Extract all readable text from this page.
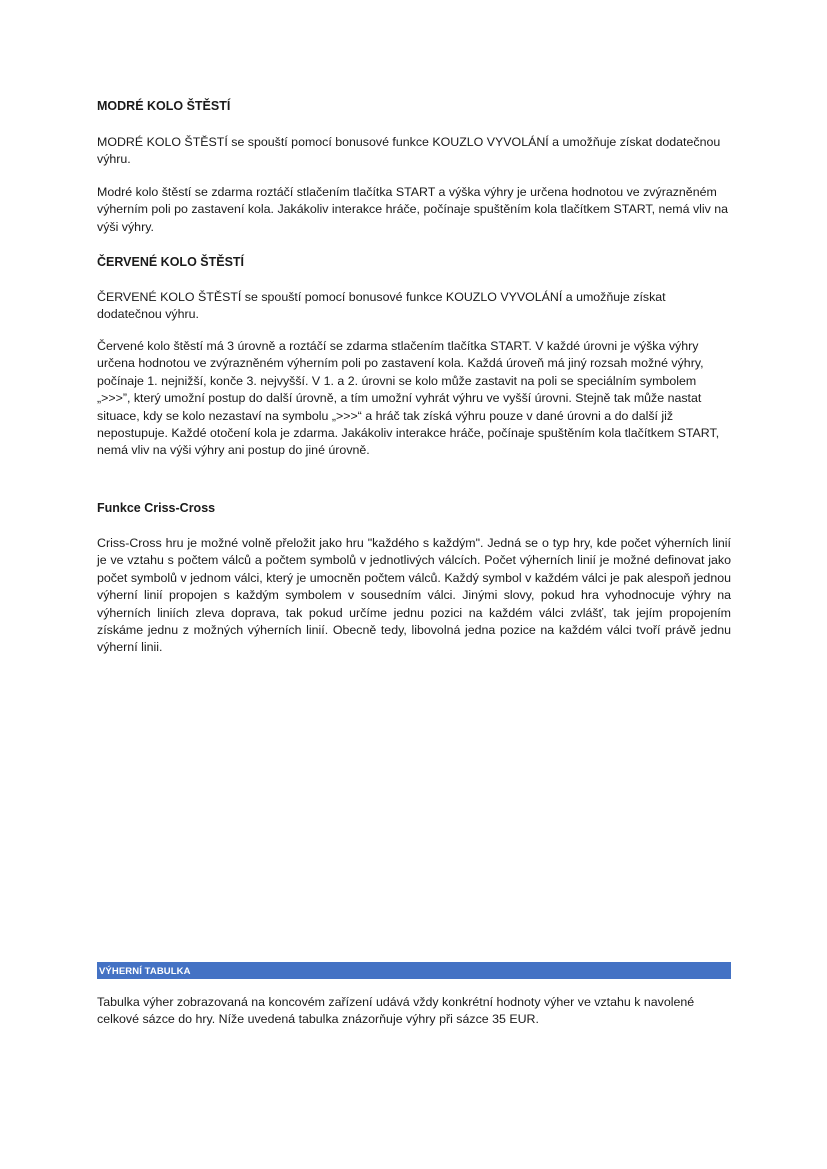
MODRÉ KOLO ŠTĚSTÍ

MODRÉ KOLO ŠTĚSTÍ se spouští pomocí bonusové funkce KOUZLO VYVOLÁNÍ a umožňuje získat dodatečnou výhru.

Modré kolo štěstí se zdarma roztáčí stlačením tlačítka START a výška výhry je určena hodnotou ve zvýrazněném výherním poli po zastavení kola. Jakákoliv interakce hráče, počínaje spuštěním kola tlačítkem START, nemá vliv na výši výhry.

ČERVENÉ KOLO ŠTĚSTÍ

ČERVENÉ KOLO ŠTĚSTÍ se spouští pomocí bonusové funkce KOUZLO VYVOLÁNÍ a umožňuje získat dodatečnou výhru.

Červené kolo štěstí má 3 úrovně a roztáčí se zdarma stlačením tlačítka START. V každé úrovni je výška výhry určena hodnotou ve zvýrazněném výherním poli po zastavení kola. Každá úroveň má jiný rozsah možné výhry, počínaje 1. nejnižší, konče 3. nejvyšší. V 1. a 2. úrovni se kolo může zastavit na poli se speciálním symbolem „>>>”, který umožní postup do další úrovně, a tím umožní vyhrát výhru ve vyšší úrovni. Stejně tak může nastat situace, kdy se kolo nezastaví na symbolu „>>>“ a hráč tak získá výhru pouze v dané úrovni a do další již nepostupuje. Každé otočení kola je zdarma. Jakákoliv interakce hráče, počínaje spuštěním kola tlačítkem START, nemá vliv na výši výhry ani postup do jiné úrovně.

Funkce Criss-Cross

Criss-Cross hru je možné volně přeložit jako hru "každého s každým". Jedná se o typ hry, kde počet výherních linií je ve vztahu s počtem válců a počtem symbolů v jednotlivých válcích. Počet výherních linií je možné definovat jako počet symbolů v jednom válci, který je umocněn počtem válců. Každý symbol v každém válci je pak alespoň jednou výherní linií propojen s každým symbolem v sousedním válci. Jinými slovy, pokud hra vyhodnocuje výhry na výherních liniích zleva doprava, tak pokud určíme jednu pozici na každém válci zvlášť, tak jejím propojením získáme jednu z možných výherních linií. Obecně tedy, libovolná jedna pozice na každém válci tvoří právě jednu výherní linii.

VÝHERNÍ TABULKA

Tabulka výher zobrazovaná na koncovém zařízení udává vždy konkrétní hodnoty výher ve vztahu k navolené celkové sázce do hry. Níže uvedená tabulka znázorňuje výhry při sázce 35 EUR.
